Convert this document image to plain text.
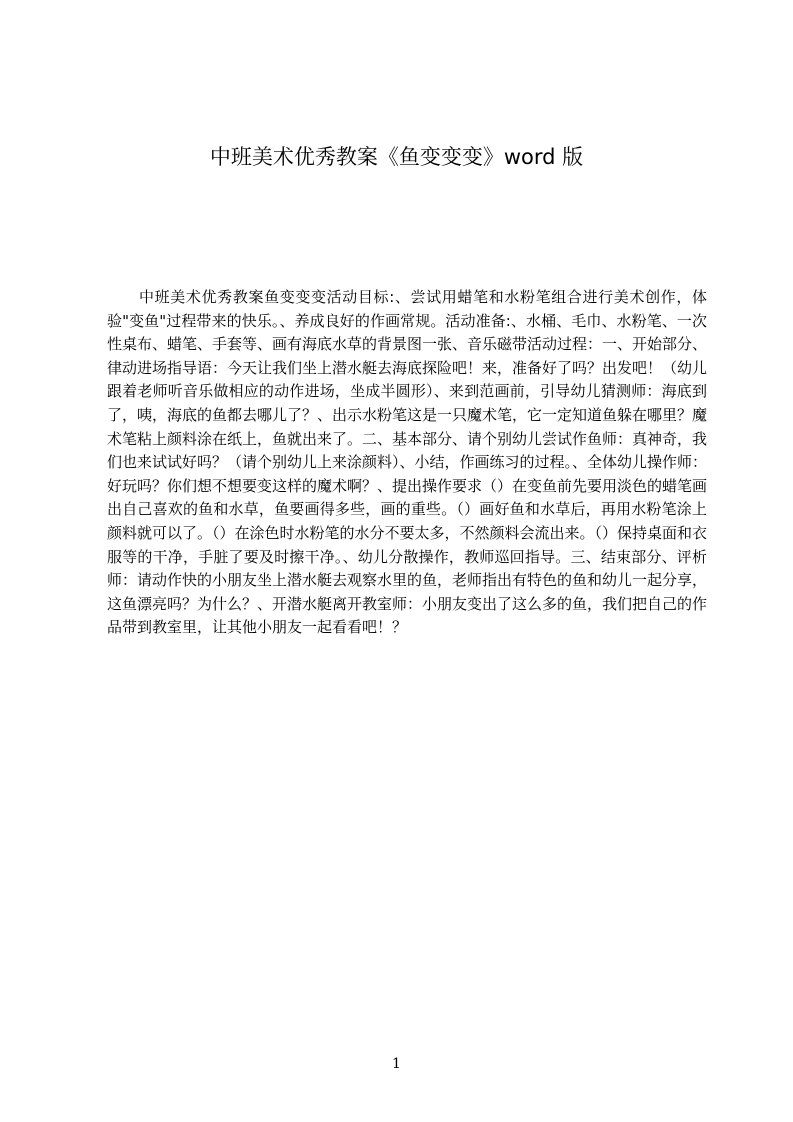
中班美术优秀教案《鱼变变变》word 版

中班美术优秀教案鱼变变变活动目标:、尝试用蜡笔和水粉笔组合进行美术创作，体验"变鱼"过程带来的快乐。、养成良好的作画常规。活动准备:、水桶、毛巾、水粉笔、一次性桌布、蜡笔、手套等、画有海底水草的背景图一张、音乐磁带活动过程：一、开始部分、律动进场指导语：今天让我们坐上潜水艇去海底探险吧！来，准备好了吗？出发吧！（幼儿跟着老师听音乐做相应的动作进场，坐成半圆形）、来到范画前，引导幼儿猜测师：海底到了，咦，海底的鱼都去哪儿了？、出示水粉笔这是一只魔术笔，它一定知道鱼躲在哪里？魔术笔粘上颜料涂在纸上，鱼就出来了。二、基本部分、请个别幼儿尝试作鱼师：真神奇，我们也来试试好吗？（请个别幼儿上来涂颜料）、小结，作画练习的过程。、全体幼儿操作师：好玩吗？你们想不想要变这样的魔术啊？、提出操作要求（）在变鱼前先要用淡色的蜡笔画出自己喜欢的鱼和水草，鱼要画得多些，画的重些。（）画好鱼和水草后，再用水粉笔涂上颜料就可以了。（）在涂色时水粉笔的水分不要太多，不然颜料会流出来。（）保持桌面和衣服等的干净，手脏了要及时擦干净。、幼儿分散操作，教师巡回指导。三、结束部分、评析师：请动作快的小朋友坐上潜水艇去观察水里的鱼，老师指出有特色的鱼和幼儿一起分享，这鱼漂亮吗？为什么？、开潜水艇离开教室师：小朋友变出了这么多的鱼，我们把自己的作品带到教室里，让其他小朋友一起看看吧！？

1
